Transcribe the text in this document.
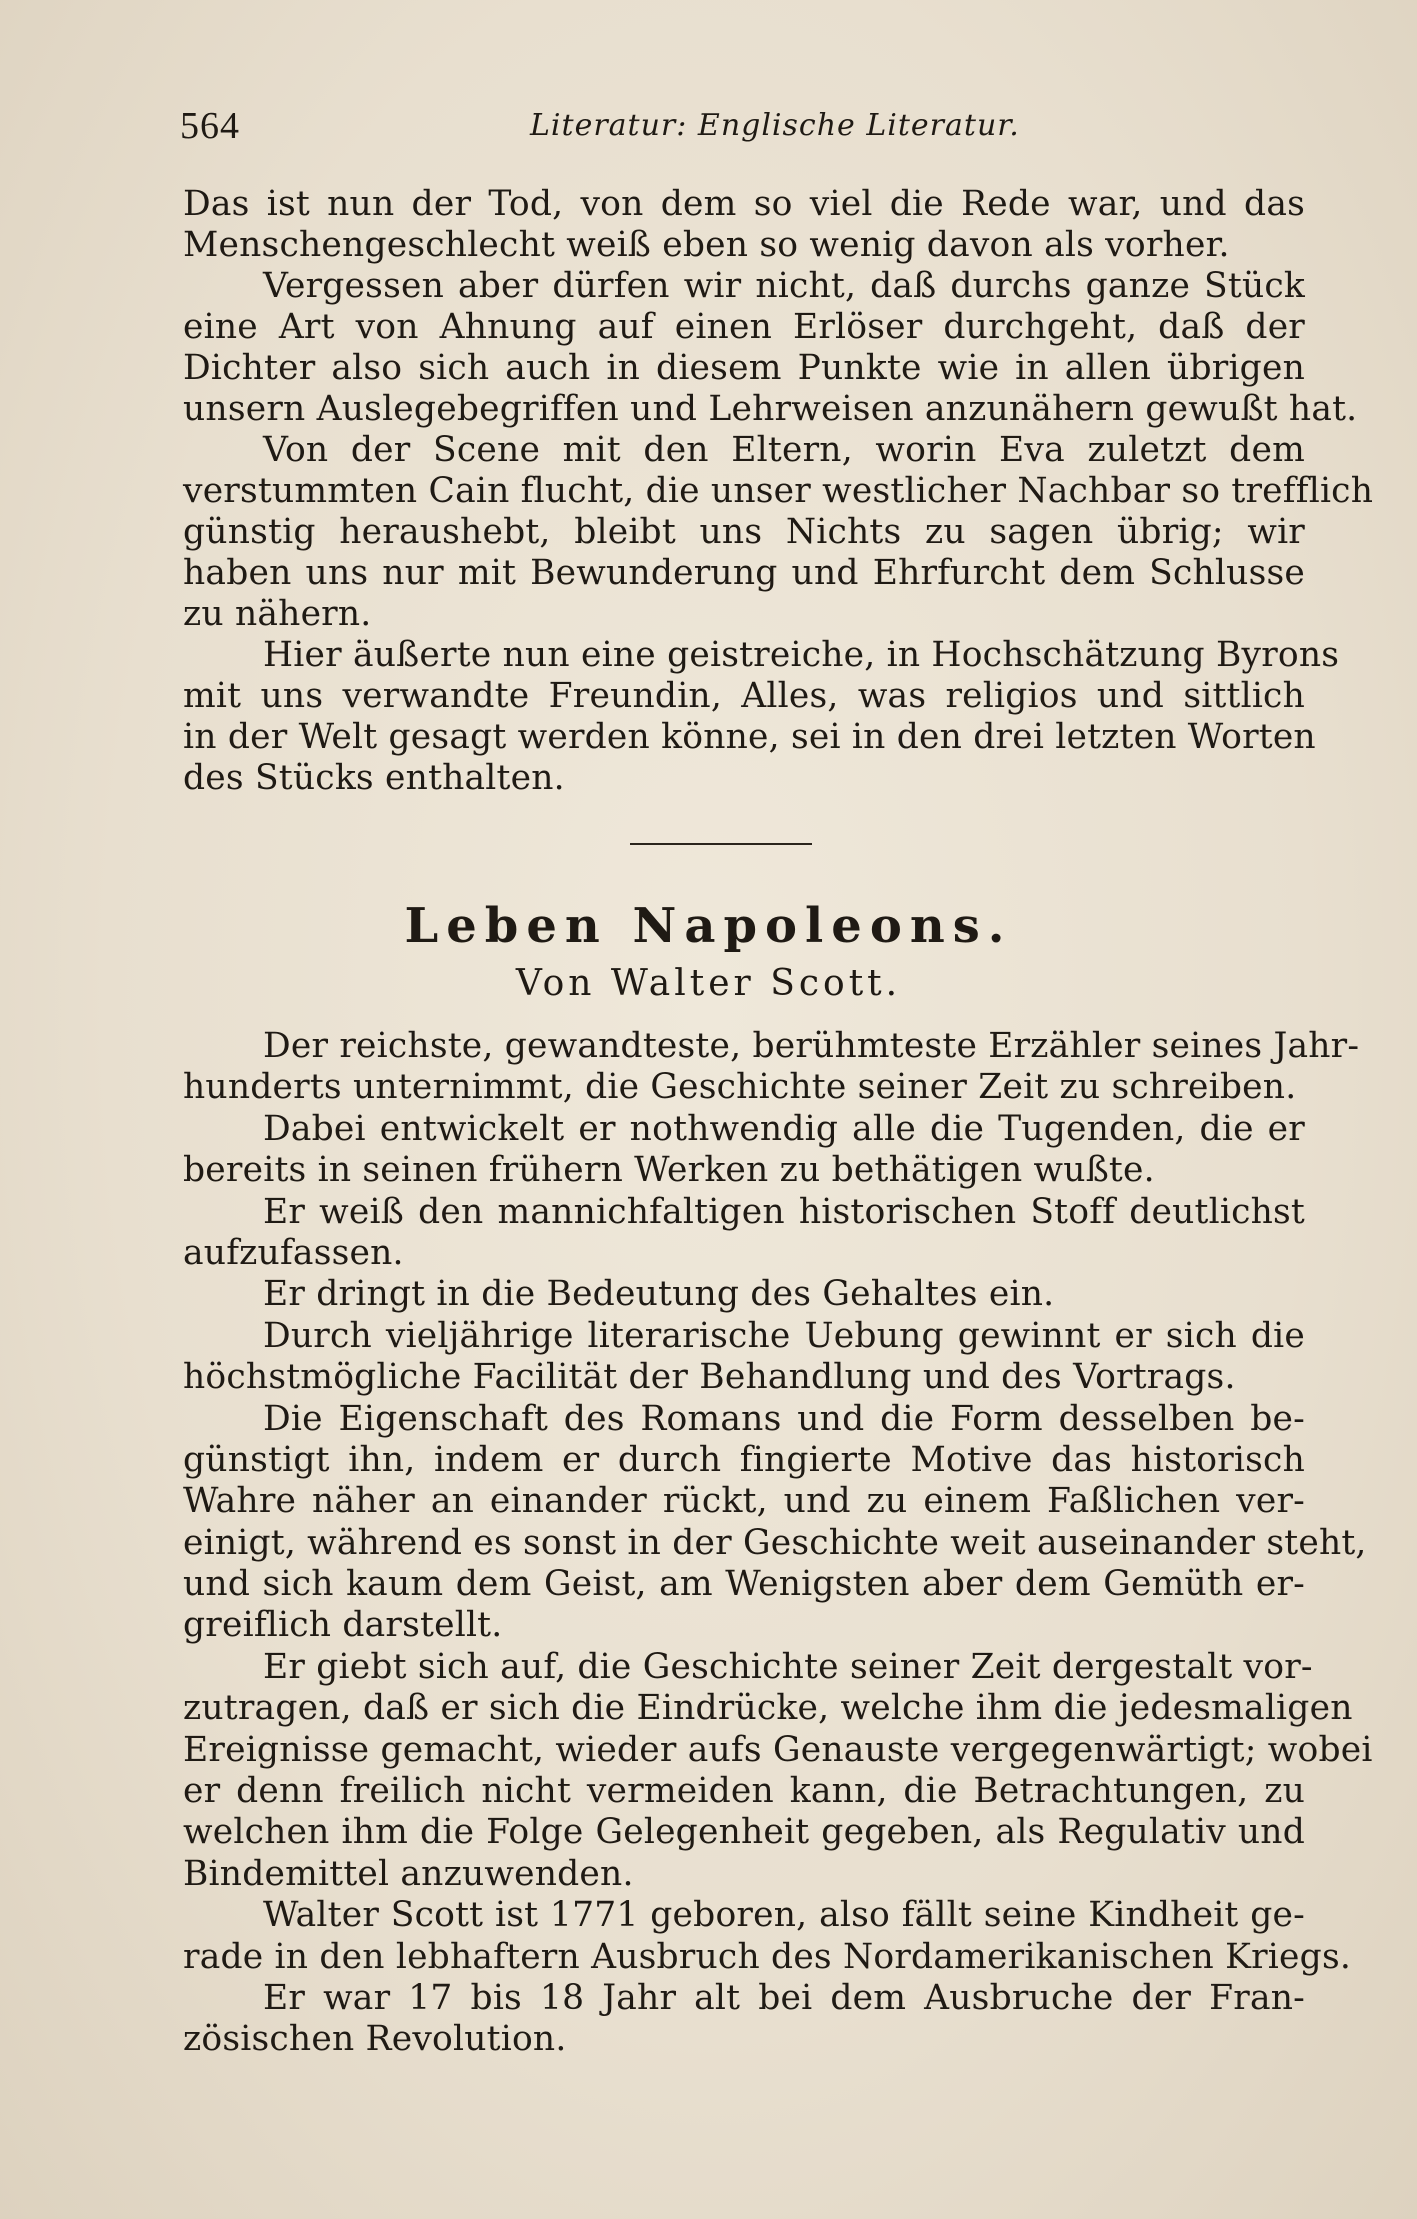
564	Literatur: Englische Literatur.
Das ist nun der Tod, von dem so viel die Rede war, und das
Menschengeschlecht weiß eben so wenig davon als vorher.
Vergessen aber dürfen wir nicht, daß durchs ganze Stück
eine Art von Ahnung auf einen Erlöser durchgeht, daß der
Dichter also sich auch in diesem Punkte wie in allen übrigen
unsern Auslegebegriffen und Lehrweisen anzunähern gewußt hat.
Von der Scene mit den Eltern, worin Eva zuletzt dem
verstummten Cain flucht, die unser westlicher Nachbar so trefflich
günstig heraushebt, bleibt uns Nichts zu sagen übrig; wir
haben uns nur mit Bewunderung und Ehrfurcht dem Schlusse
zu nähern.
Hier äußerte nun eine geistreiche, in Hochschätzung Byrons
mit uns verwandte Freundin, Alles, was religios und sittlich
in der Welt gesagt werden könne, sei in den drei letzten Worten
des Stücks enthalten.
Leben Napoleons.
Von Walter Scott.
Der reichste, gewandteste, berühmteste Erzähler seines Jahr-
hunderts unternimmt, die Geschichte seiner Zeit zu schreiben.
Dabei entwickelt er nothwendig alle die Tugenden, die er
bereits in seinen frühern Werken zu bethätigen wußte.
Er weiß den mannichfaltigen historischen Stoff deutlichst
aufzufassen.
Er dringt in die Bedeutung des Gehaltes ein.
Durch vieljährige literarische Uebung gewinnt er sich die
höchstmögliche Facilität der Behandlung und des Vortrags.
Die Eigenschaft des Romans und die Form desselben be-
günstigt ihn, indem er durch fingierte Motive das historisch
Wahre näher an einander rückt, und zu einem Faßlichen ver-
einigt, während es sonst in der Geschichte weit auseinander steht,
und sich kaum dem Geist, am Wenigsten aber dem Gemüth er-
greiflich darstellt.
Er giebt sich auf, die Geschichte seiner Zeit dergestalt vor-
zutragen, daß er sich die Eindrücke, welche ihm die jedesmaligen
Ereignisse gemacht, wieder aufs Genauste vergegenwärtigt; wobei
er denn freilich nicht vermeiden kann, die Betrachtungen, zu
welchen ihm die Folge Gelegenheit gegeben, als Regulativ und
Bindemittel anzuwenden.
Walter Scott ist 1771 geboren, also fällt seine Kindheit ge-
rade in den lebhaftern Ausbruch des Nordamerikanischen Kriegs.
Er war 17 bis 18 Jahr alt bei dem Ausbruche der Fran-
zösischen Revolution.
